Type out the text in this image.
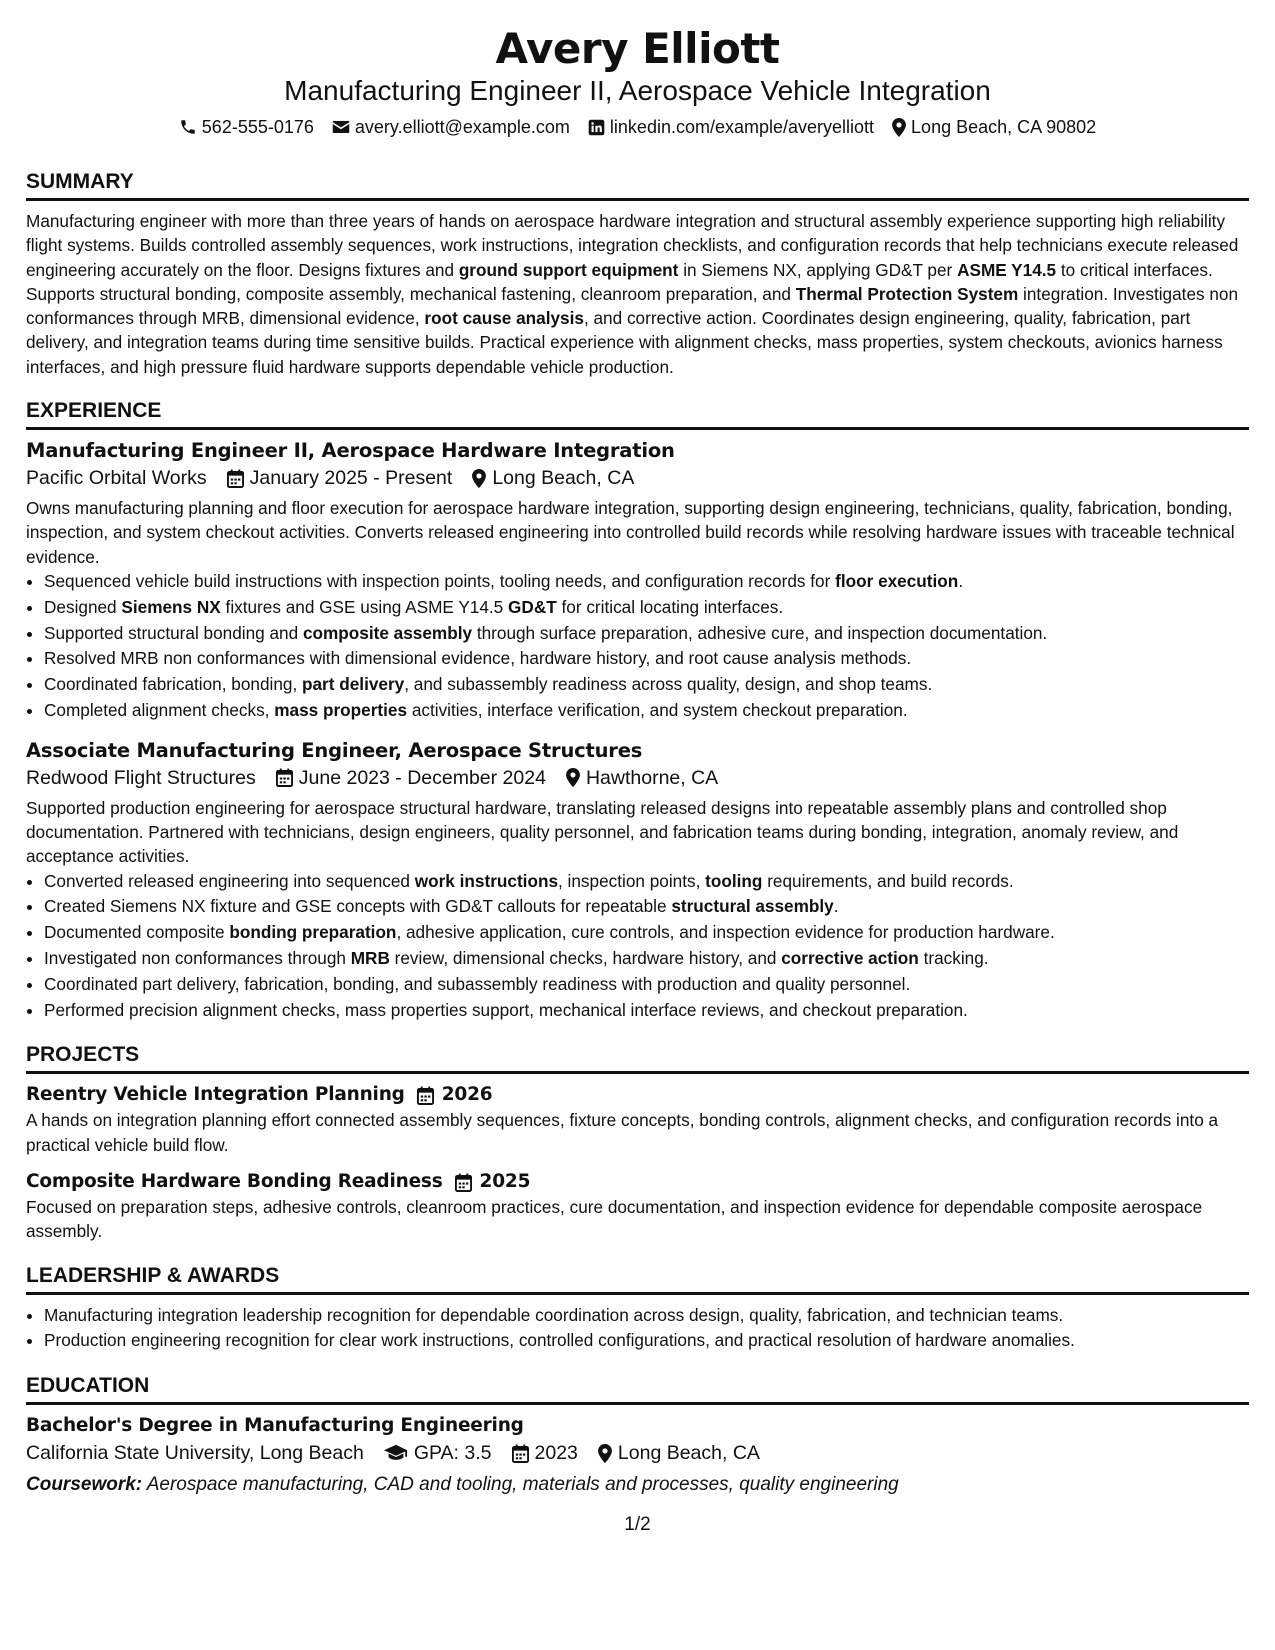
Avery Elliott
Manufacturing Engineer II, Aerospace Vehicle Integration
562-555-0176 avery.elliott@example.com linkedin.com/example/averyelliott Long Beach, CA 90802
SUMMARY

Manufacturing engineer with more than three years of hands on aerospace hardware integration and structural assembly experience supporting high reliability flight systems. Builds controlled assembly sequences, work instructions, integration checklists, and configuration records that help technicians execute released engineering accurately on the floor. Designs fixtures and ground support equipment in Siemens NX, applying GD&T per ASME Y14.5 to critical interfaces. Supports structural bonding, composite assembly, mechanical fastening, cleanroom preparation, and Thermal Protection System integration. Investigates non conformances through MRB, dimensional evidence, root cause analysis, and corrective action. Coordinates design engineering, quality, fabrication, part delivery, and integration teams during time sensitive builds. Practical experience with alignment checks, mass properties, system checkouts, avionics harness interfaces, and high pressure fluid hardware supports dependable vehicle production.

EXPERIENCE
Manufacturing Engineer II, Aerospace Hardware Integration
Pacific Orbital Works January 2025 - Present Long Beach, CA

Owns manufacturing planning and floor execution for aerospace hardware integration, supporting design engineering, technicians, quality, fabrication, bonding, inspection, and system checkout activities. Converts released engineering into controlled build records while resolving hardware issues with traceable technical evidence.

• Sequenced vehicle build instructions with inspection points, tooling needs, and configuration records for floor execution.
• Designed Siemens NX fixtures and GSE using ASME Y14.5 GD&T for critical locating interfaces.
• Supported structural bonding and composite assembly through surface preparation, adhesive cure, and inspection documentation.
• Resolved MRB non conformances with dimensional evidence, hardware history, and root cause analysis methods.
• Coordinated fabrication, bonding, part delivery, and subassembly readiness across quality, design, and shop teams.
• Completed alignment checks, mass properties activities, interface verification, and system checkout preparation.
Associate Manufacturing Engineer, Aerospace Structures
Redwood Flight Structures June 2023 - December 2024 Hawthorne, CA

Supported production engineering for aerospace structural hardware, translating released designs into repeatable assembly plans and controlled shop documentation. Partnered with technicians, design engineers, quality personnel, and fabrication teams during bonding, integration, anomaly review, and acceptance activities.

• Converted released engineering into sequenced work instructions, inspection points, tooling requirements, and build records.
• Created Siemens NX fixture and GSE concepts with GD&T callouts for repeatable structural assembly.
• Documented composite bonding preparation, adhesive application, cure controls, and inspection evidence for production hardware.
• Investigated non conformances through MRB review, dimensional checks, hardware history, and corrective action tracking.
• Coordinated part delivery, fabrication, bonding, and subassembly readiness with production and quality personnel.
• Performed precision alignment checks, mass properties support, mechanical interface reviews, and checkout preparation.
PROJECTS
Reentry Vehicle Integration Planning 2026

A hands on integration planning effort connected assembly sequences, fixture concepts, bonding controls, alignment checks, and configuration records into a practical vehicle build flow.

Composite Hardware Bonding Readiness 2025

Focused on preparation steps, adhesive controls, cleanroom practices, cure documentation, and inspection evidence for dependable composite aerospace assembly.

LEADERSHIP & AWARDS
• Manufacturing integration leadership recognition for dependable coordination across design, quality, fabrication, and technician teams.
• Production engineering recognition for clear work instructions, controlled configurations, and practical resolution of hardware anomalies.
EDUCATION
Bachelor's Degree in Manufacturing Engineering
California State University, Long Beach	GPA: 3.5 2023 Long Beach, CA
Coursework: Aerospace manufacturing, CAD and tooling, materials and processes, quality engineering
1/2
